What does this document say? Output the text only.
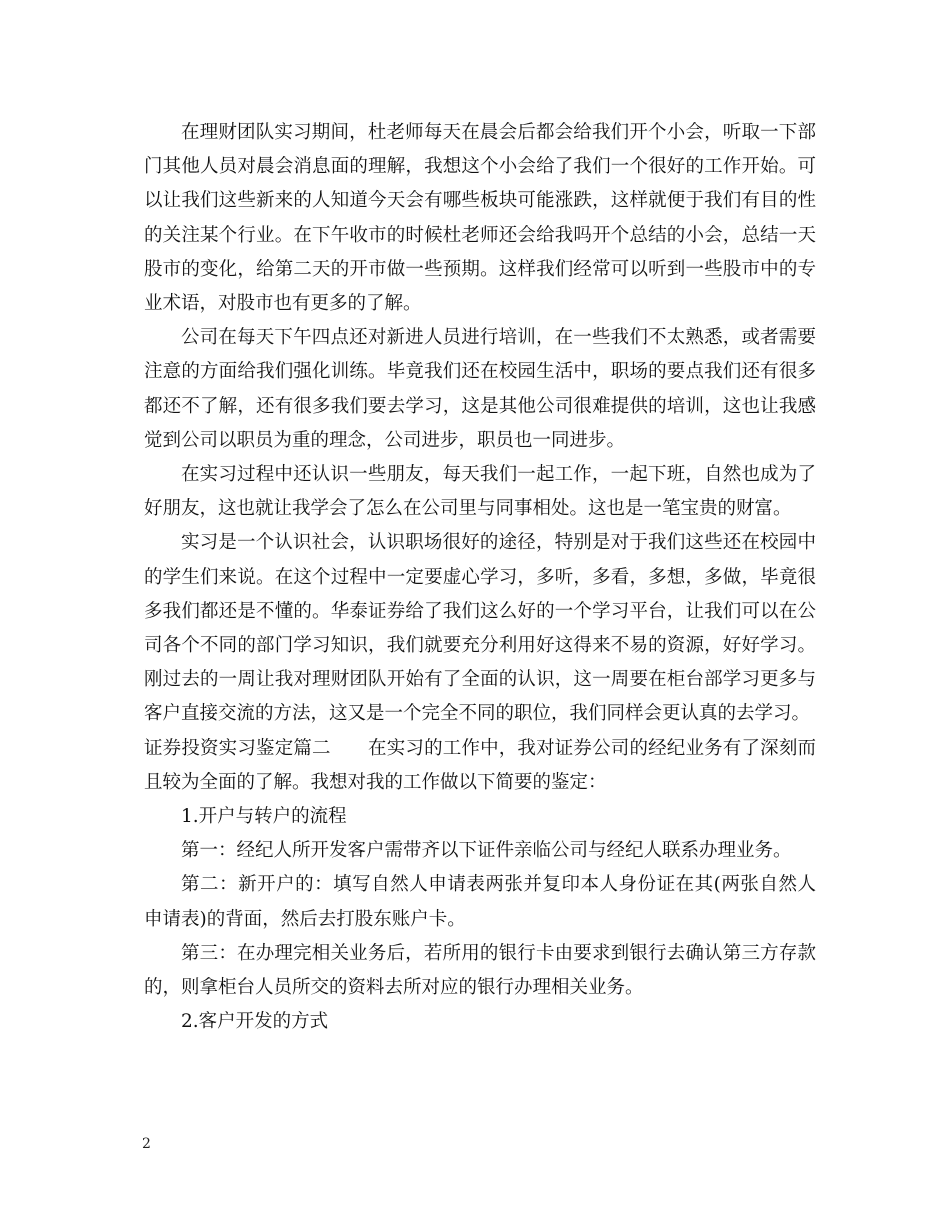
在理财团队实习期间，杜老师每天在晨会后都会给我们开个小会，听取一下部门其他人员对晨会消息面的理解，我想这个小会给了我们一个很好的工作开始。可以让我们这些新来的人知道今天会有哪些板块可能涨跌，这样就便于我们有目的性的关注某个行业。在下午收市的时候杜老师还会给我吗开个总结的小会，总结一天股市的变化，给第二天的开市做一些预期。这样我们经常可以听到一些股市中的专业术语，对股市也有更多的了解。

公司在每天下午四点还对新进人员进行培训，在一些我们不太熟悉，或者需要注意的方面给我们强化训练。毕竟我们还在校园生活中，职场的要点我们还有很多都还不了解，还有很多我们要去学习，这是其他公司很难提供的培训，这也让我感觉到公司以职员为重的理念，公司进步，职员也一同进步。

在实习过程中还认识一些朋友，每天我们一起工作，一起下班，自然也成为了好朋友，这也就让我学会了怎么在公司里与同事相处。这也是一笔宝贵的财富。

实习是一个认识社会，认识职场很好的途径，特别是对于我们这些还在校园中的学生们来说。在这个过程中一定要虚心学习，多听，多看，多想，多做，毕竟很多我们都还是不懂的。华泰证券给了我们这么好的一个学习平台，让我们可以在公司各个不同的部门学习知识，我们就要充分利用好这得来不易的资源，好好学习。刚过去的一周让我对理财团队开始有了全面的认识，这一周要在柜台部学习更多与客户直接交流的方法，这又是一个完全不同的职位，我们同样会更认真的去学习。

证券投资实习鉴定篇二　　在实习的工作中，我对证券公司的经纪业务有了深刻而且较为全面的了解。我想对我的工作做以下简要的鉴定：

1.开户与转户的流程

第一：经纪人所开发客户需带齐以下证件亲临公司与经纪人联系办理业务。

第二：新开户的：填写自然人申请表两张并复印本人身份证在其(两张自然人申请表)的背面，然后去打股东账户卡。

第三：在办理完相关业务后，若所用的银行卡由要求到银行去确认第三方存款的，则拿柜台人员所交的资料去所对应的银行办理相关业务。

2.客户开发的方式

2
